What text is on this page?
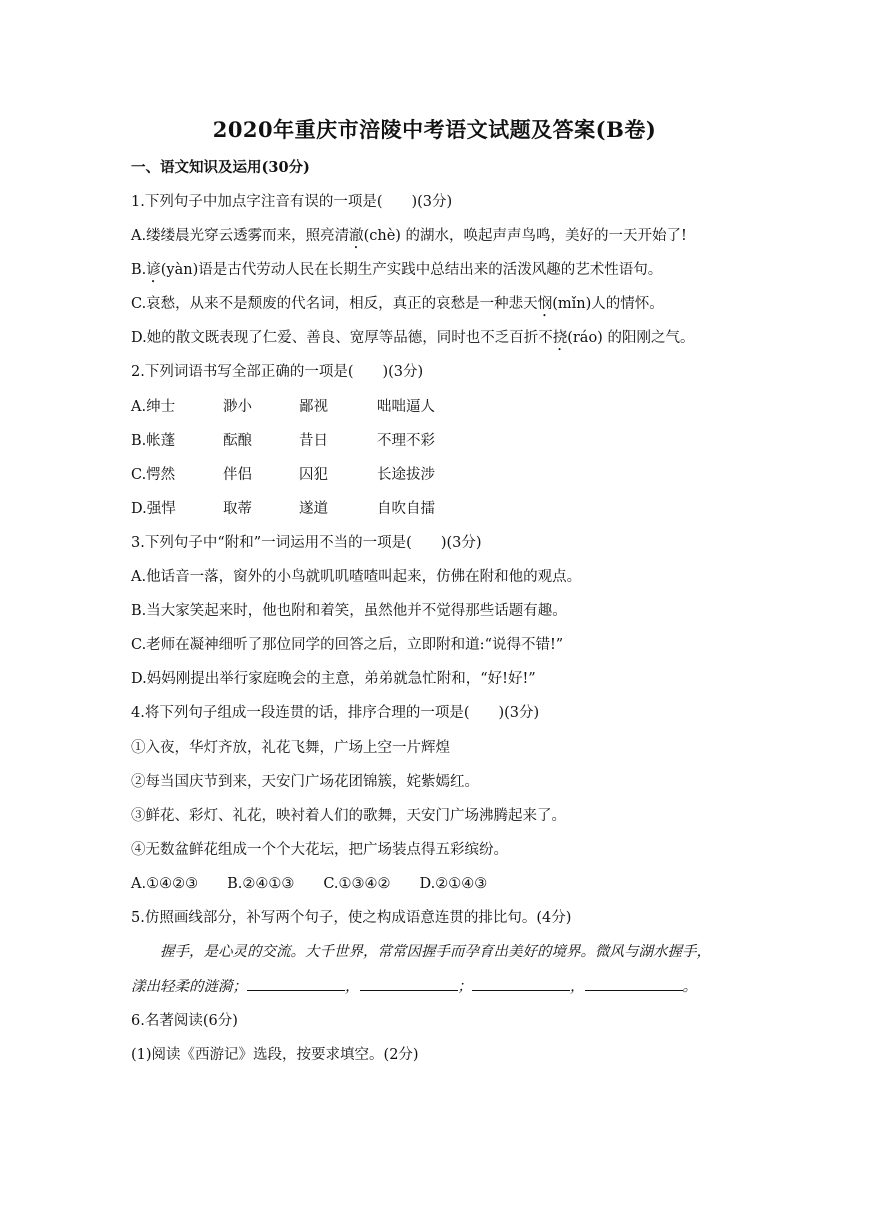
2020年重庆市涪陵中考语文试题及答案(B卷)
一、语文知识及运用(30分)
1.下列句子中加点字注音有误的一项是(　　)(3分)
A.缕缕晨光穿云透雾而来，照亮清澈(chè) 的湖水，唤起声声鸟鸣，美好的一天开始了!
B.谚(yàn)语是古代劳动人民在长期生产实践中总结出来的活泼风趣的艺术性语句。
C.哀愁，从来不是颓废的代名词，相反，真正的哀愁是一种悲天悯(mǐn)人的情怀。
D.她的散文既表现了仁爱、善良、宽厚等品德，同时也不乏百折不挠(ráo) 的阳刚之气。
2.下列词语书写全部正确的一项是(　　)(3分)
A.绅士	渺小	鄙视	咄咄逼人
B.帐蓬	酝酿	昔日	不理不彩
C.愕然	伴侣	囚犯	长途拔涉
D.强悍	取蒂	遂道	自吹自擂
3.下列句子中“附和”一词运用不当的一项是(　　)(3分)
A.他话音一落，窗外的小鸟就叽叽喳喳叫起来，仿佛在附和他的观点。
B.当大家笑起来时，他也附和着笑，虽然他并不觉得那些话题有趣。
C.老师在凝神细听了那位同学的回答之后，立即附和道:“说得不错!”
D.妈妈刚提出举行家庭晚会的主意，弟弟就急忙附和，“好!好!”
4.将下列句子组成一段连贯的话，排序合理的一项是(　　)(3分)
①入夜，华灯齐放，礼花飞舞，广场上空一片辉煌
②每当国庆节到来，天安门广场花团锦簇，姹紫嫣红。
③鲜花、彩灯、礼花，映衬着人们的歌舞，天安门广场沸腾起来了。
④无数盆鲜花组成一个个大花坛，把广场装点得五彩缤纷。
A.①④②③　　B.②④①③　　C.①③④②　　D.②①④③
5.仿照画线部分，补写两个句子，使之构成语意连贯的排比句。(4分)
握手，是心灵的交流。大千世界，常常因握手而孕育出美好的境界。微风与湖水握手，
漾出轻柔的涟漪；	，	；	，	。
6.名著阅读(6分)
(1)阅读《西游记》选段，按要求填空。(2分)
